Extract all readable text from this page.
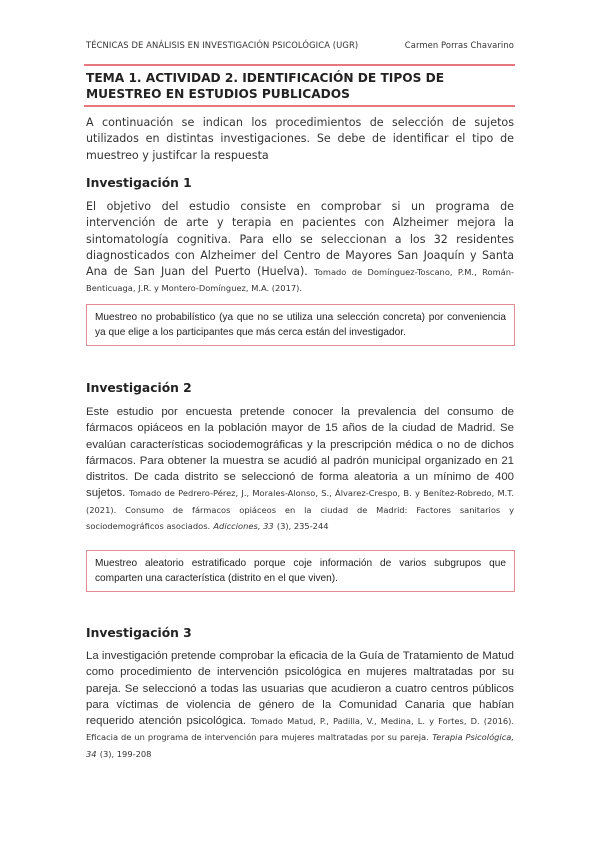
TÉCNICAS DE ANÁLISIS EN INVESTIGACIÓN PSICOLÓGICA (UGR)	Carmen Porras Chavarino
TEMA 1. ACTIVIDAD 2. IDENTIFICACIÓN DE TIPOS DE MUESTREO EN ESTUDIOS PUBLICADOS
A continuación se indican los procedimientos de selección de sujetos utilizados en distintas investigaciones. Se debe de identificar el tipo de muestreo y justifcar la respuesta
Investigación 1
El objetivo del estudio consiste en comprobar si un programa de intervención de arte y terapia en pacientes con Alzheimer mejora la sintomatología cognitiva. Para ello se seleccionan a los 32 residentes diagnosticados con Alzheimer del Centro de Mayores San Joaquín y Santa Ana de San Juan del Puerto (Huelva). Tomado de Domínguez-Toscano, P.M., Román-Benticuaga, J.R. y Montero-Domínguez, M.A. (2017).
Muestreo no probabilístico (ya que no se utiliza una selección concreta) por conveniencia ya que elige a los participantes que más cerca están del investigador.
Investigación 2
Este estudio por encuesta pretende conocer la prevalencia del consumo de fármacos opiáceos en la población mayor de 15 años de la ciudad de Madrid. Se evalúan características sociodemográficas y la prescripción médica o no de dichos fármacos. Para obtener la muestra se acudió al padrón municipal organizado en 21 distritos. De cada distrito se seleccionó de forma aleatoria a un mínimo de 400 sujetos. Tomado de Pedrero-Pérez, J., Morales-Alonso, S., Álvarez-Crespo, B. y Benítez-Robredo, M.T. (2021). Consumo de fármacos opiáceos en la ciudad de Madrid: Factores sanitarios y sociodemográficos asociados. Adicciones, 33 (3), 235-244
Muestreo aleatorio estratificado porque coje información de varios subgrupos que comparten una característica (distrito en el que viven).
Investigación 3
La investigación pretende comprobar la eficacia de la Guía de Tratamiento de Matud como procedimiento de intervención psicológica en mujeres maltratadas por su pareja. Se seleccionó a todas las usuarias que acudieron a cuatro centros públicos para víctimas de violencia de género de la Comunidad Canaria que habían requerido atención psicológica. Tomado Matud, P., Padilla, V., Medina, L. y Fortes, D. (2016). Eficacia de un programa de intervención para mujeres maltratadas por su pareja. Terapia Psicológica, 34 (3), 199-208
